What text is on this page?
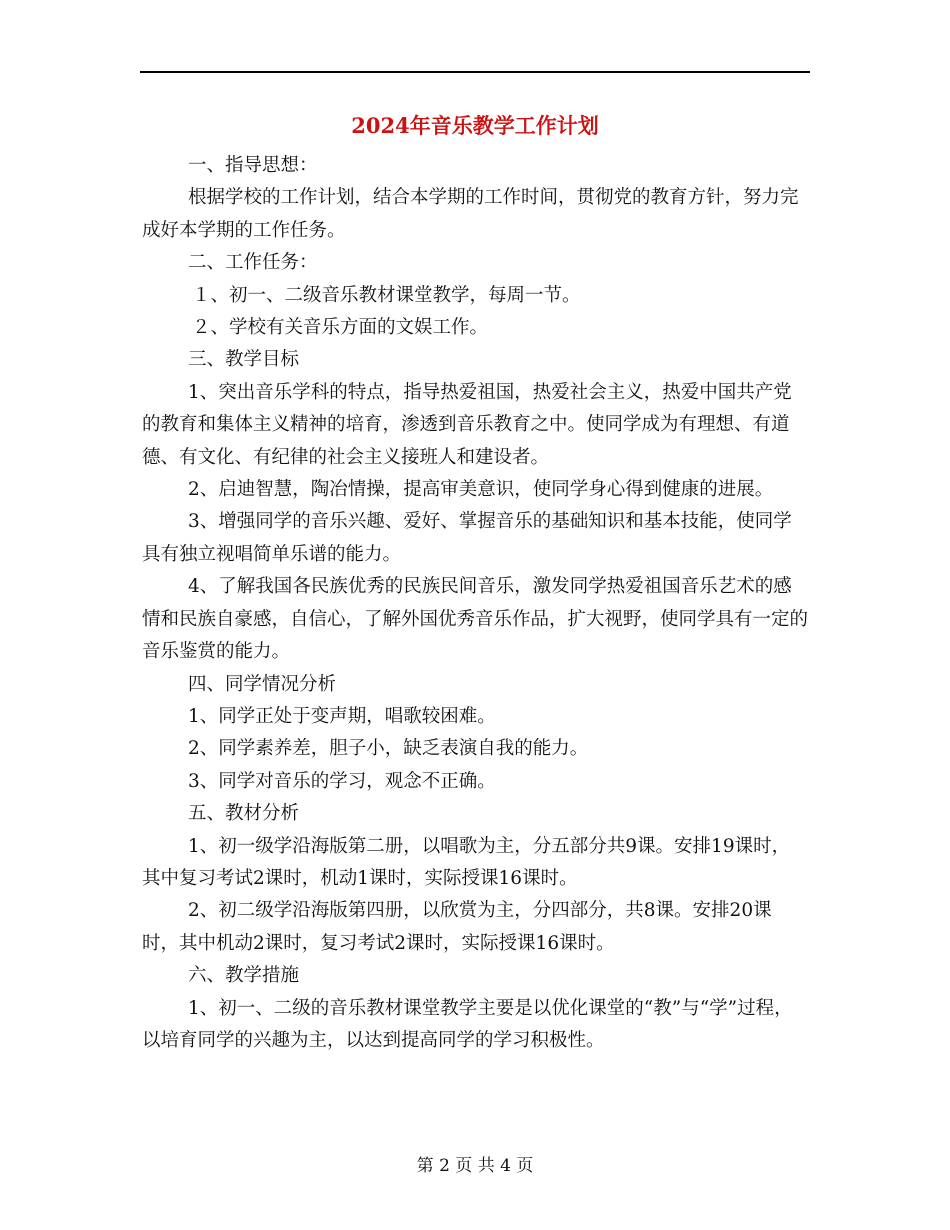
2024年音乐教学工作计划

一、指导思想：

根据学校的工作计划，结合本学期的工作时间，贯彻党的教育方针，努力完成好本学期的工作任务。

二、工作任务：

１、初一、二级音乐教材课堂教学，每周一节。

２、学校有关音乐方面的文娱工作。

三、教学目标

1、突出音乐学科的特点，指导热爱祖国，热爱社会主义，热爱中国共产党的教育和集体主义精神的培育，渗透到音乐教育之中。使同学成为有理想、有道德、有文化、有纪律的社会主义接班人和建设者。

2、启迪智慧，陶冶情操，提高审美意识，使同学身心得到健康的进展。

3、增强同学的音乐兴趣、爱好、掌握音乐的基础知识和基本技能，使同学具有独立视唱简单乐谱的能力。

4、了解我国各民族优秀的民族民间音乐，激发同学热爱祖国音乐艺术的感情和民族自豪感，自信心，了解外国优秀音乐作品，扩大视野，使同学具有一定的音乐鉴赏的能力。

四、同学情况分析

1、同学正处于变声期，唱歌较困难。

2、同学素养差，胆子小，缺乏表演自我的能力。

3、同学对音乐的学习，观念不正确。

五、教材分析

1、初一级学沿海版第二册，以唱歌为主，分五部分共9课。安排19课时，其中复习考试2课时，机动1课时，实际授课16课时。

2、初二级学沿海版第四册，以欣赏为主，分四部分，共8课。安排20课时，其中机动2课时，复习考试2课时，实际授课16课时。

六、教学措施

1、初一、二级的音乐教材课堂教学主要是以优化课堂的“教”与“学”过程，以培育同学的兴趣为主，以达到提高同学的学习积极性。

第 2 页 共 4 页
